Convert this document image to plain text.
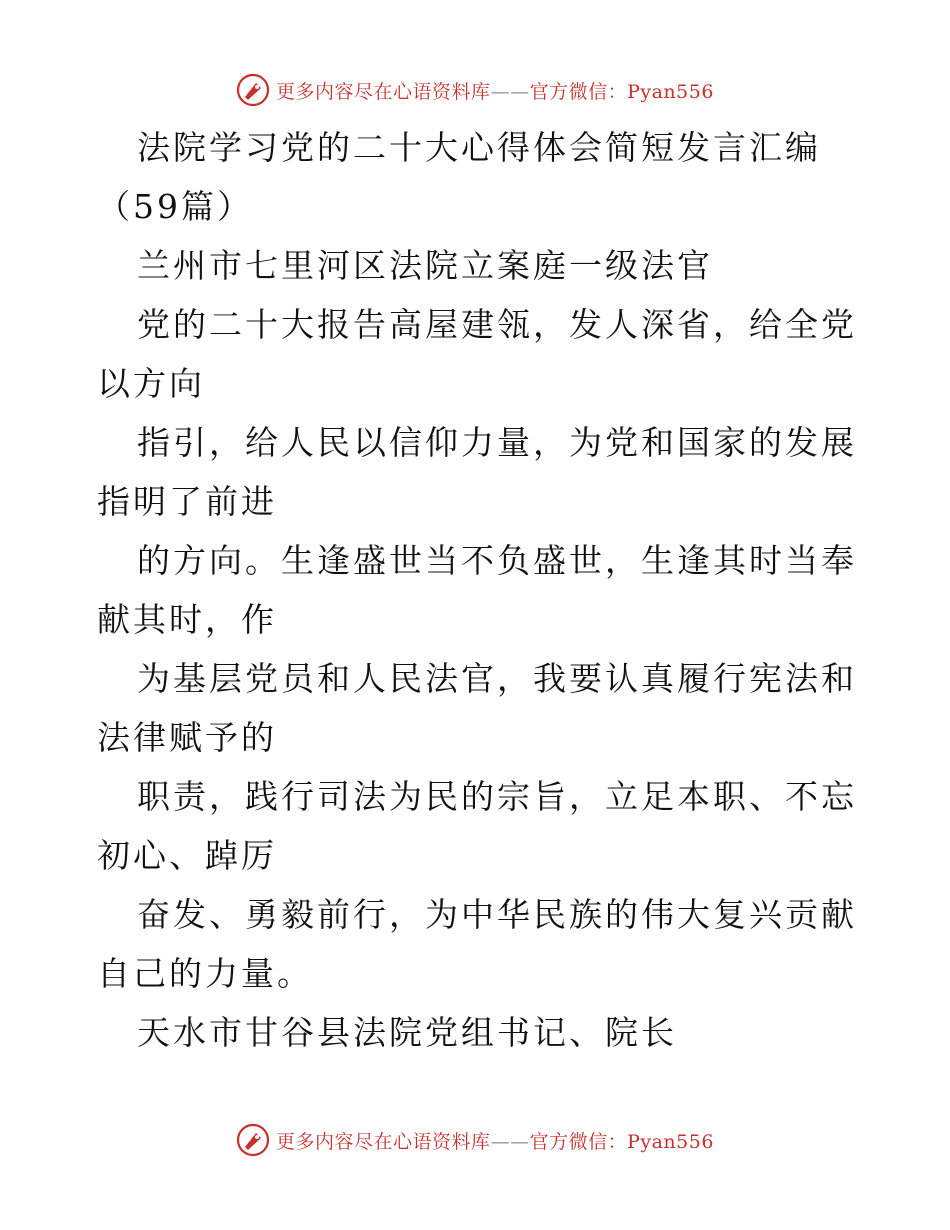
更多内容尽在心语资料库——官方微信：Pyan556

法院学习党的二十大心得体会简短发言汇编（59篇）

兰州市七里河区法院立案庭一级法官

党的二十大报告高屋建瓴，发人深省，给全党以方向

指引，给人民以信仰力量，为党和国家的发展指明了前进

的方向。生逢盛世当不负盛世，生逢其时当奉献其时，作

为基层党员和人民法官，我要认真履行宪法和法律赋予的

职责，践行司法为民的宗旨，立足本职、不忘初心、踔厉

奋发、勇毅前行，为中华民族的伟大复兴贡献自己的力量。

天水市甘谷县法院党组书记、院长

更多内容尽在心语资料库——官方微信：Pyan556
